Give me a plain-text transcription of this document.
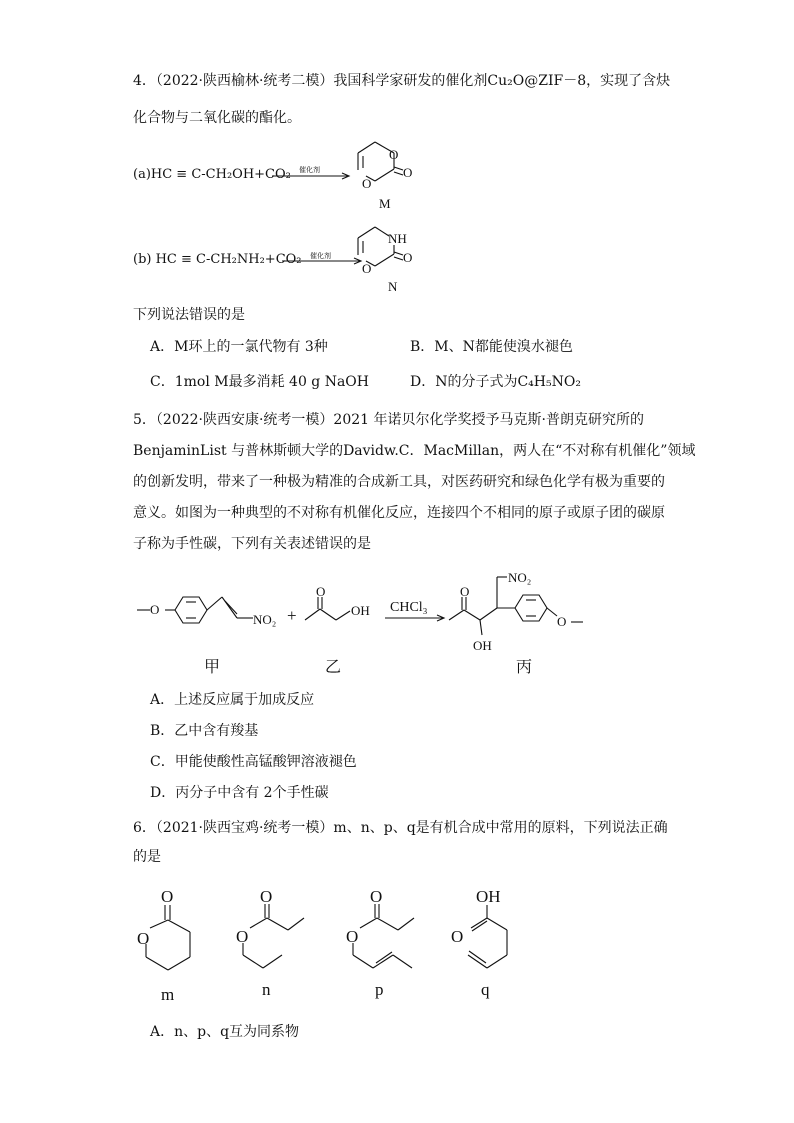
4．（2022·陕西榆林·统考二模）我国科学家研发的催化剂Cu₂O@ZIF－8，实现了含炔
化合物与二氧化碳的酯化。
(a)HC ≡ C-CH₂OH+CO₂
(b) HC ≡ C-CH₂NH₂+CO₂
下列说法错误的是
A．M环上的一氯代物有 3种	B．M、N都能使溴水褪色
C．1mol M最多消耗 40 g NaOH	D．N的分子式为C₄H₅NO₂
5．（2022·陕西安康·统考一模）2021 年诺贝尔化学奖授予马克斯·普朗克研究所的
BenjaminList 与普林斯顿大学的Davidw.C．MacMillan，两人在“不对称有机催化”领域
的创新发明，带来了一种极为精准的合成新工具，对医药研究和绿色化学有极为重要的
意义。如图为一种典型的不对称有机催化反应，连接四个不相同的原子或原子团的碳原
子称为手性碳，下列有关表述错误的是
A．上述反应属于加成反应
B．乙中含有羧基
C．甲能使酸性高锰酸钾溶液褪色
D．丙分子中含有 2个手性碳
6．（2021·陕西宝鸡·统考一模）m、n、p、q是有机合成中常用的原料，下列说法正确
的是
A．n、p、q互为同系物
催化剂
催化剂
O
O
O
M
NH
O
O
N
O
NO₂ +
O
OH CHCl₃
O
OH
NO₂
O
甲	乙	丙
O
O
m
O
O
n
O
O
p
OH
O
q
